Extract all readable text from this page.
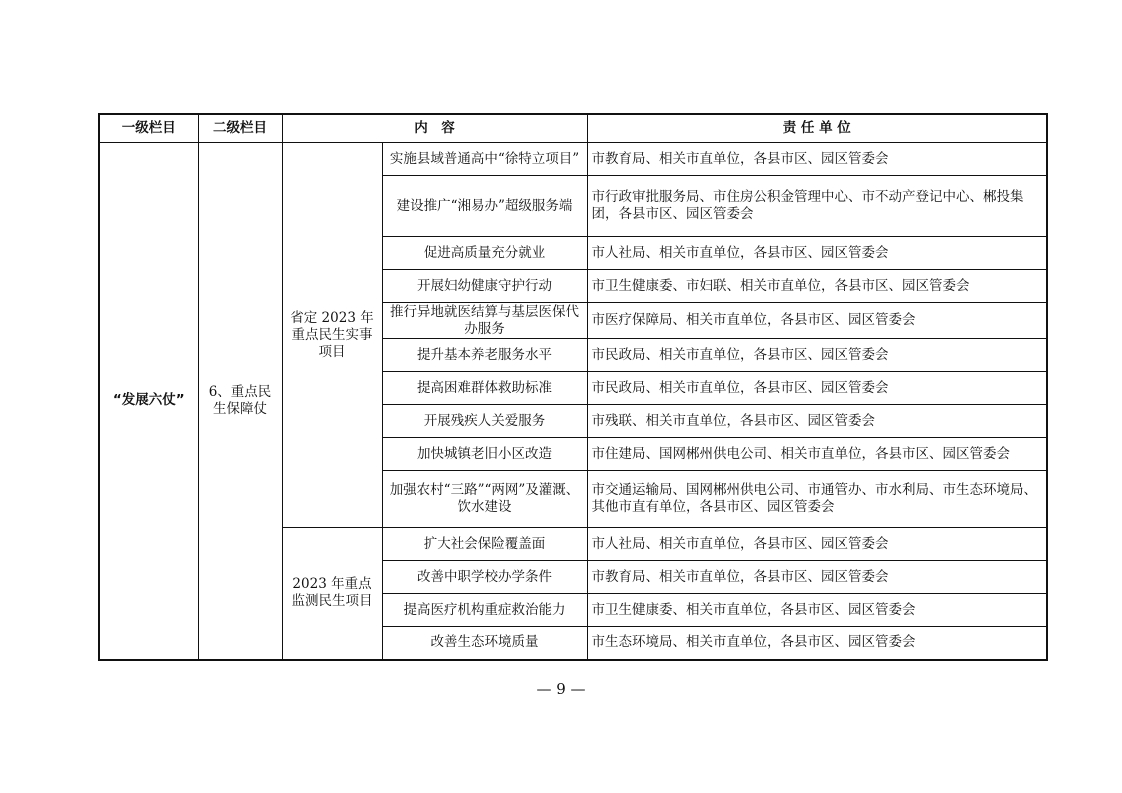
一级栏目	二级栏目	内　容		责 任 单 位
“发展六仗”	6、重点民生保障仗	省定 2023 年重点民生实事项目	实施县域普通高中“徐特立项目”	市教育局、相关市直单位，各县市区、园区管委会
			建设推广“湘易办”超级服务端	市行政审批服务局、市住房公积金管理中心、市不动产登记中心、郴投集团，各县市区、园区管委会
			促进高质量充分就业	市人社局、相关市直单位，各县市区、园区管委会
			开展妇幼健康守护行动	市卫生健康委、市妇联、相关市直单位，各县市区、园区管委会
			推行异地就医结算与基层医保代办服务	市医疗保障局、相关市直单位，各县市区、园区管委会
			提升基本养老服务水平	市民政局、相关市直单位，各县市区、园区管委会
			提高困难群体救助标准	市民政局、相关市直单位，各县市区、园区管委会
			开展残疾人关爱服务	市残联、相关市直单位，各县市区、园区管委会
			加快城镇老旧小区改造	市住建局、国网郴州供电公司、相关市直单位，各县市区、园区管委会
			加强农村“三路”“两网”及灌溉、饮水建设	市交通运输局、国网郴州供电公司、市通管办、市水利局、市生态环境局、其他市直有单位，各县市区、园区管委会
		2023 年重点监测民生项目	扩大社会保险覆盖面	市人社局、相关市直单位，各县市区、园区管委会
			改善中职学校办学条件	市教育局、相关市直单位，各县市区、园区管委会
			提高医疗机构重症救治能力	市卫生健康委、相关市直单位，各县市区、园区管委会
			改善生态环境质量	市生态环境局、相关市直单位，各县市区、园区管委会
— 9 —
